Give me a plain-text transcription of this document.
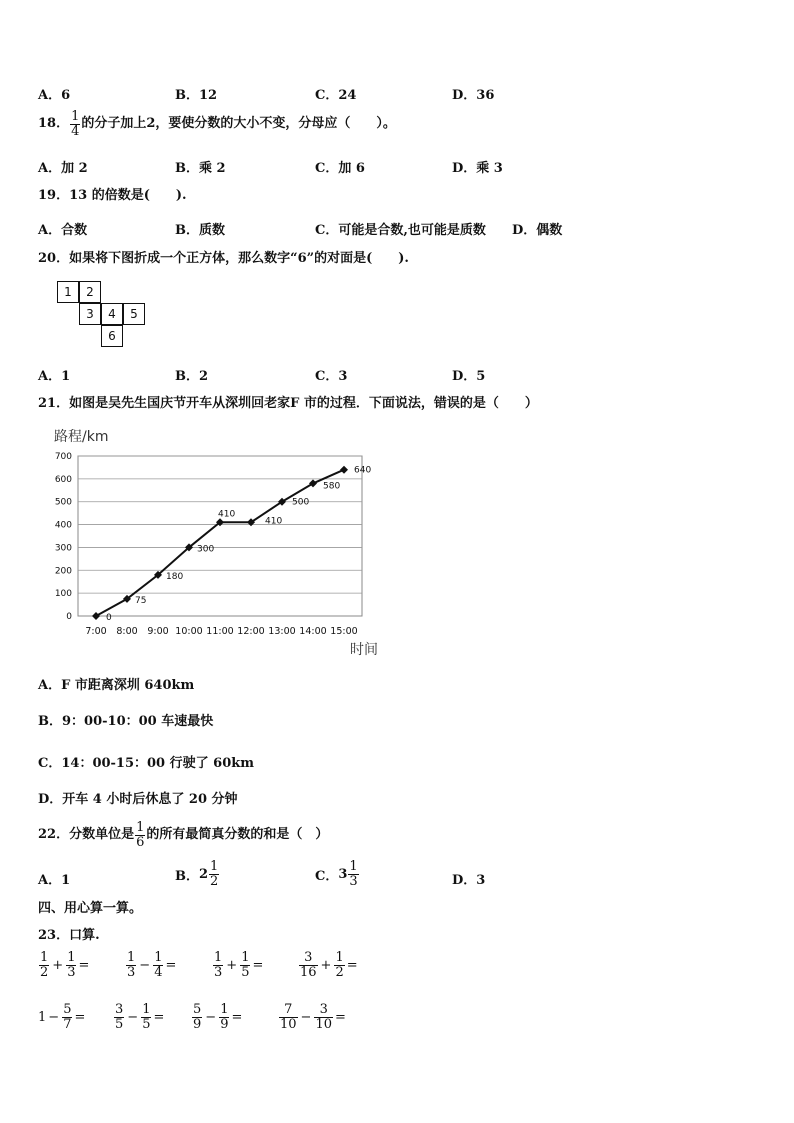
A．6	B．12	C．24	D．36
18． $\frac{1}{4}$ 的分子加上2，要使分数的大小不变，分母应（　　）。
A．加 2	B．乘 2	C．加 6	D．乘 3
19．13 的倍数是(　　).
A．合数	B．质数	C．可能是合数,也可能是质数 D．偶数
20．如果将下图折成一个正方体，那么数字“6”的对面是(　　).
1	2
3	4	5
6
A．1	B．2	C．3	D．5
21．如图是吴先生国庆节开车从深圳回老家F 市的过程．下面说法，错误的是（　　）
路程/km
0
100
200
300
400
500
600
700
7:00 8:00 9:00 10:00 11:00 12:00 13:00 14:00 15:00
时间
0
75
180
300
410
410
500
580
640
A．F 市距离深圳 640km
B．9：00-10：00 车速最快
C．14：00-15：00 行驶了 60km
D．开车 4 小时后休息了 20 分钟
22．分数单位是 $\frac{1}{6}$ 的所有最简真分数的和是（　）
A．1	B． $2 \frac{1}{2}$	C． $3 \frac{1}{3}$	D．3
四、用心算一算。
23．口算.
$\frac{1}{2} + \frac{1}{3}$ =	$\frac{1}{3} - \frac{1}{4}$ =	$\frac{1}{3} + \frac{1}{5}$ =	$\frac{3}{16} + \frac{1}{2}$ =
$1 - \frac{5}{7} = \frac{3}{5} - \frac{1}{5} = \frac{5}{9} - \frac{1}{9}$ =	$\frac{7}{10} - \frac{3}{10}$ =
